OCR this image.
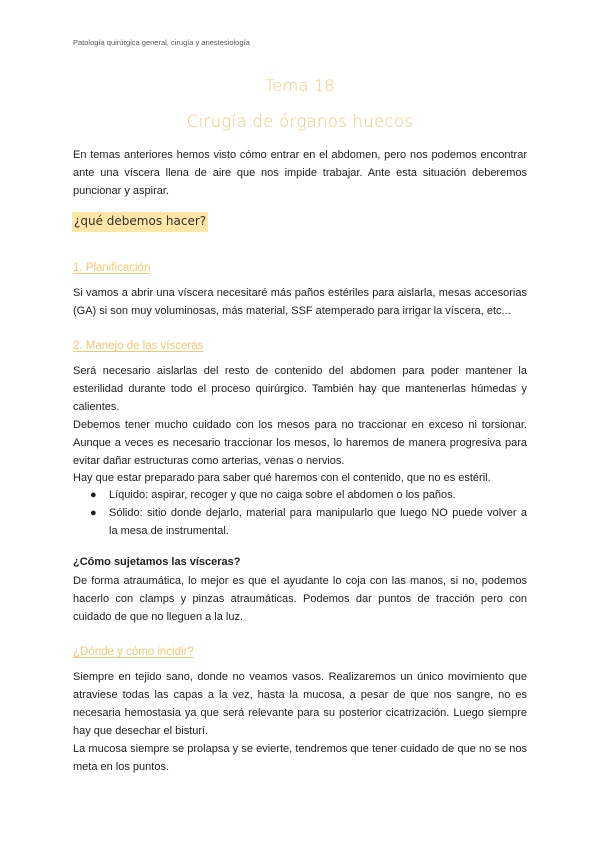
Patología quirúrgica general, cirugía y anestesiología
Tema 18
Cirugía de órganos huecos
En temas anteriores hemos visto cómo entrar en el abdomen, pero nos podemos encontrar
ante una víscera llena de aire que nos impide trabajar. Ante esta situación deberemos
puncionar y aspirar.
¿qué debemos hacer?
1. Planificación
Si vamos a abrir una víscera necesitaré más paños estériles para aislarla, mesas accesorias
(GA) si son muy voluminosas, más material, SSF atemperado para irrigar la víscera, etc...
2. Manejo de las vísceras
Será necesario aislarlas del resto de contenido del abdomen para poder mantener la
esterilidad durante todo el proceso quirúrgico. También hay que mantenerlas húmedas y
calientes.
Debemos tener mucho cuidado con los mesos para no traccionar en exceso ni torsionar.
Aunque a veces es necesario traccionar los mesos, lo haremos de manera progresiva para
evitar dañar estructuras como arterias, venas o nervios.
Hay que estar preparado para saber qué haremos con el contenido, que no es estéril.
● Líquido: aspirar, recoger y que no caiga sobre el abdomen o los paños.
● Sólido: sitio donde dejarlo, material para manipularlo que luego NO puede volver a
la mesa de instrumental.
¿Cómo sujetamos las vísceras?
De forma atraumática, lo mejor es que el ayudante lo coja con las manos, si no, podemos
hacerlo con clamps y pinzas atraumáticas. Podemos dar puntos de tracción pero con
cuidado de que no lleguen a la luz.
¿Dónde y cómo incidir?
Siempre en tejido sano, donde no veamos vasos. Realizaremos un único movimiento que
atraviese todas las capas a la vez, hasta la mucosa, a pesar de que nos sangre, no es
necesaria hemostasia ya que será relevante para su posterior cicatrización. Luego siempre
hay que desechar el bisturí.
La mucosa siempre se prolapsa y se evierte, tendremos que tener cuidado de que no se nos
meta en los puntos.
